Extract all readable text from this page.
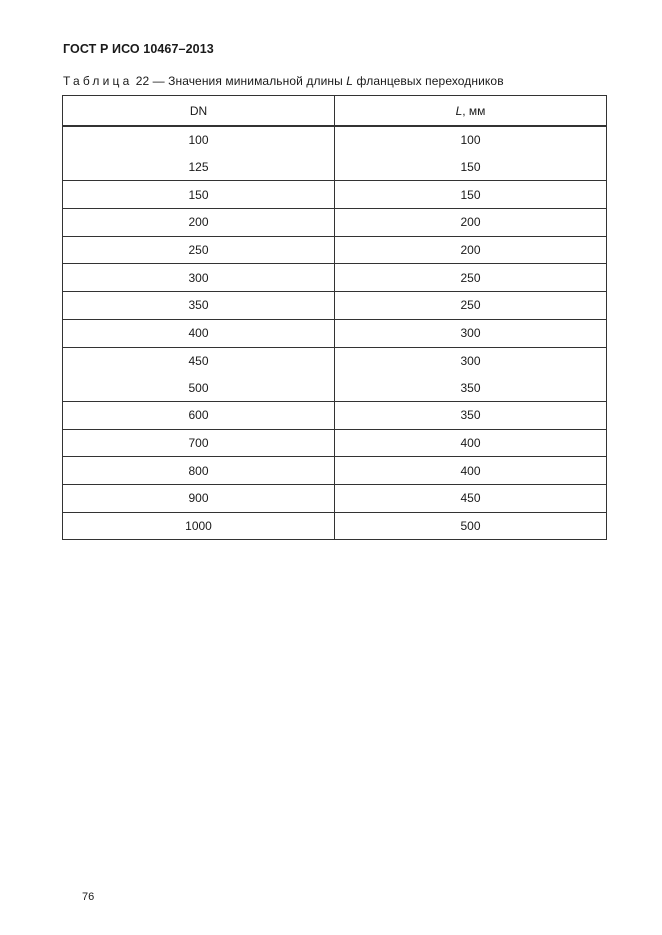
ГОСТ Р ИСО 10467–2013
Таблица 22 — Значения минимальной длины L фланцевых переходников
DN	L, мм
100	100
125	150
150	150
200	200
250	200
300	250
350	250
400	300
450	300
500	350
600	350
700	400
800	400
900	450
1000	500
76
